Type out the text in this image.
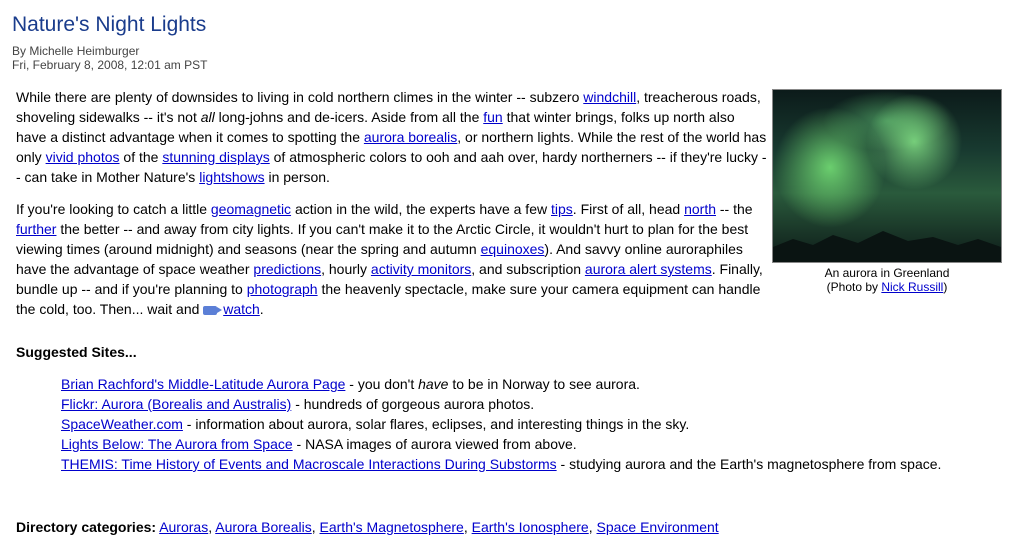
Nature's Night Lights
By Michelle Heimburger
Fri, February 8, 2008, 12:01 am PST

While there are plenty of downsides to living in cold northern climes in the winter -- subzero windchill, treacherous roads, shoveling sidewalks -- it's not all long-johns and de-icers. Aside from all the fun that winter brings, folks up north also have a distinct advantage when it comes to spotting the aurora borealis, or northern lights. While the rest of the world has only vivid photos of the stunning displays of atmospheric colors to ooh and aah over, hardy northerners -- if they're lucky -- can take in Mother Nature's lightshows in person.

If you're looking to catch a little geomagnetic action in the wild, the experts have a few tips. First of all, head north -- the further the better -- and away from city lights. If you can't make it to the Arctic Circle, it wouldn't hurt to plan for the best viewing times (around midnight) and seasons (near the spring and autumn equinoxes). And savvy online auroraphiles have the advantage of space weather predictions, hourly activity monitors, and subscription aurora alert systems. Finally, bundle up -- and if you're planning to photograph the heavenly spectacle, make sure your camera equipment can handle the cold, too. Then... wait and  watch.

An aurora in Greenland
(Photo by Nick Russill)
Suggested Sites...
Brian Rachford's Middle-Latitude Aurora Page - you don't have to be in Norway to see aurora.
Flickr: Aurora (Borealis and Australis) - hundreds of gorgeous aurora photos.
SpaceWeather.com - information about aurora, solar flares, eclipses, and interesting things in the sky.
Lights Below: The Aurora from Space - NASA images of aurora viewed from above.
THEMIS: Time History of Events and Macroscale Interactions During Substorms - studying aurora and the Earth's magnetosphere from space.
Directory categories: Auroras, Aurora Borealis, Earth's Magnetosphere, Earth's Ionosphere, Space Environment
